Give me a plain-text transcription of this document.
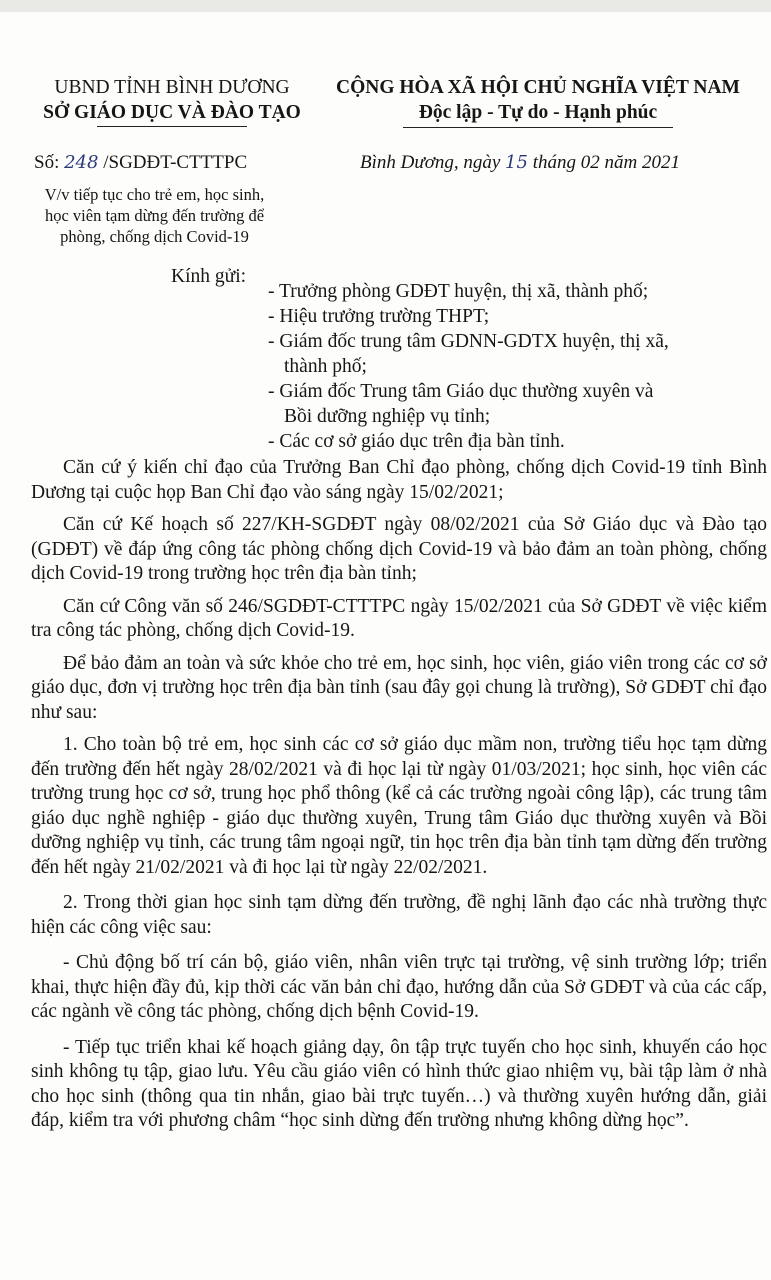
UBND TỈNH BÌNH DƯƠNG
SỞ GIÁO DỤC VÀ ĐÀO TẠO
CỘNG HÒA XÃ HỘI CHỦ NGHĨA VIỆT NAM
Độc lập - Tự do - Hạnh phúc
Số: 248 /SGDĐT-CTTTPC	Bình Dương, ngày 15 tháng 02 năm 2021
V/v tiếp tục cho trẻ em, học sinh,
học viên tạm dừng đến trường để
phòng, chống dịch Covid-19
Kính gửi:
- Trưởng phòng GDĐT huyện, thị xã, thành phố;
- Hiệu trưởng trường THPT;
- Giám đốc trung tâm GDNN-GDTX huyện, thị xã,
thành phố;
- Giám đốc Trung tâm Giáo dục thường xuyên và
Bồi dưỡng nghiệp vụ tỉnh;
- Các cơ sở giáo dục trên địa bàn tỉnh.

Căn cứ ý kiến chỉ đạo của Trưởng Ban Chỉ đạo phòng, chống dịch Covid-19 tỉnh Bình Dương tại cuộc họp Ban Chỉ đạo vào sáng ngày 15/02/2021;

Căn cứ Kế hoạch số 227/KH-SGDĐT ngày 08/02/2021 của Sở Giáo dục và Đào tạo (GDĐT) về đáp ứng công tác phòng chống dịch Covid-19 và bảo đảm an toàn phòng, chống dịch Covid-19 trong trường học trên địa bàn tỉnh;

Căn cứ Công văn số 246/SGDĐT-CTTTPC ngày 15/02/2021 của Sở GDĐT về việc kiểm tra công tác phòng, chống dịch Covid-19.

Để bảo đảm an toàn và sức khỏe cho trẻ em, học sinh, học viên, giáo viên trong các cơ sở giáo dục, đơn vị trường học trên địa bàn tỉnh (sau đây gọi chung là trường), Sở GDĐT chỉ đạo như sau:

1. Cho toàn bộ trẻ em, học sinh các cơ sở giáo dục mầm non, trường tiểu học tạm dừng đến trường đến hết ngày 28/02/2021 và đi học lại từ ngày 01/03/2021; học sinh, học viên các trường trung học cơ sở, trung học phổ thông (kể cả các trường ngoài công lập), các trung tâm giáo dục nghề nghiệp - giáo dục thường xuyên, Trung tâm Giáo dục thường xuyên và Bồi dưỡng nghiệp vụ tỉnh, các trung tâm ngoại ngữ, tin học trên địa bàn tỉnh tạm dừng đến trường đến hết ngày 21/02/2021 và đi học lại từ ngày 22/02/2021.

2. Trong thời gian học sinh tạm dừng đến trường, đề nghị lãnh đạo các nhà trường thực hiện các công việc sau:

- Chủ động bố trí cán bộ, giáo viên, nhân viên trực tại trường, vệ sinh trường lớp; triển khai, thực hiện đầy đủ, kịp thời các văn bản chỉ đạo, hướng dẫn của Sở GDĐT và của các cấp, các ngành về công tác phòng, chống dịch bệnh Covid-19.

- Tiếp tục triển khai kế hoạch giảng dạy, ôn tập trực tuyến cho học sinh, khuyến cáo học sinh không tụ tập, giao lưu. Yêu cầu giáo viên có hình thức giao nhiệm vụ, bài tập làm ở nhà cho học sinh (thông qua tin nhắn, giao bài trực tuyến…) và thường xuyên hướng dẫn, giải đáp, kiểm tra với phương châm “học sinh dừng đến trường nhưng không dừng học”.
